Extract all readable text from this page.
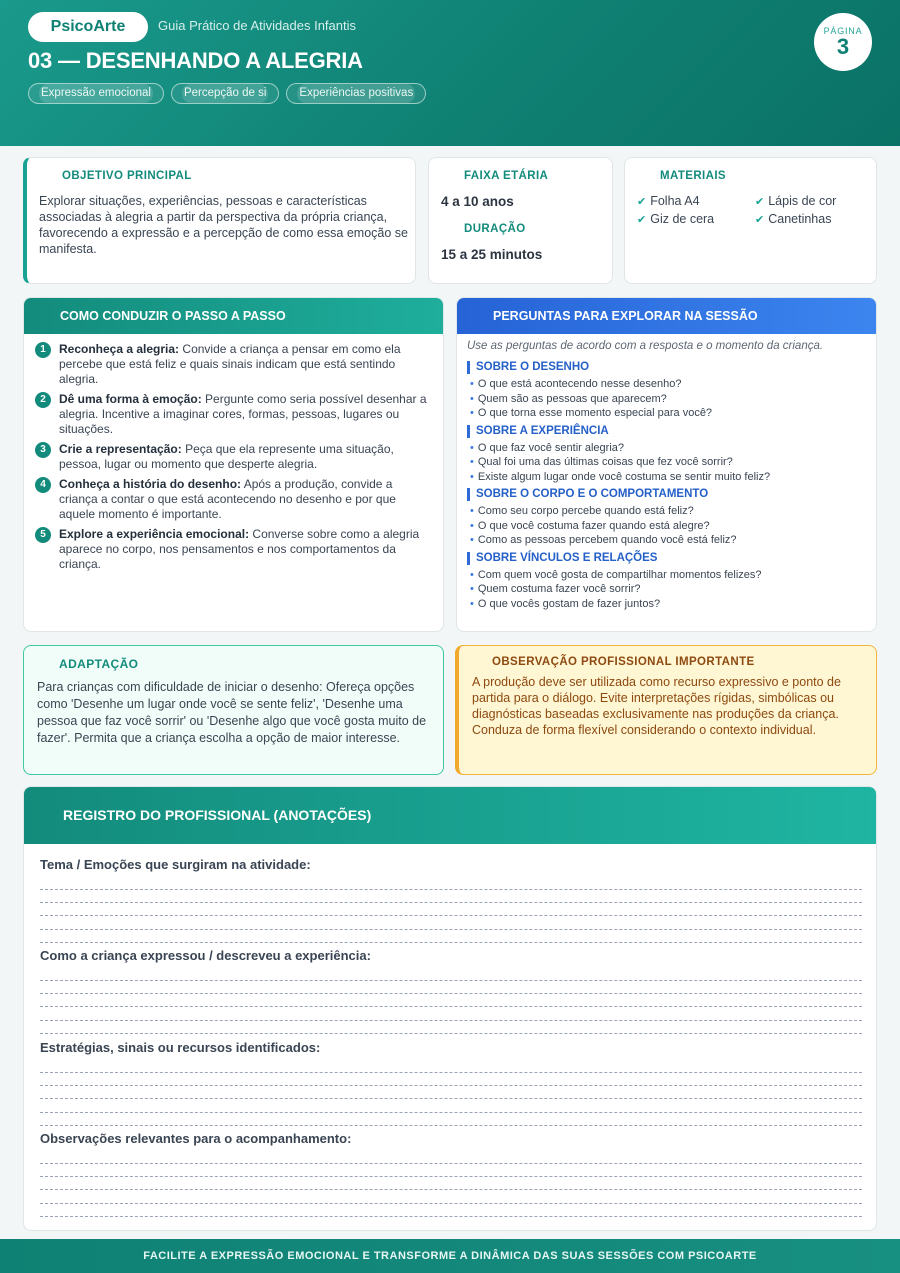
PsicoArte	Guia Prático de Atividades Infantis
03 — DESENHANDO A ALEGRIA
Expressão emocional	Percepção de si	Experiências positivas
PÁGINA
3
OBJETIVO PRINCIPAL
Explorar situações, experiências, pessoas e características associadas à alegria a partir da perspectiva da própria criança, favorecendo a expressão e a percepção de como essa emoção se manifesta.
FAIXA ETÁRIA
4 a 10 anos
DURAÇÃO
15 a 25 minutos
MATERIAIS
✔ Folha A4	✔ Lápis de cor
✔ Giz de cera	✔ Canetinhas
COMO CONDUZIR O PASSO A PASSO
1	Reconheça a alegria: Convide a criança a pensar em como ela percebe que está feliz e quais sinais indicam que está sentindo alegria.
2	Dê uma forma à emoção: Pergunte como seria possível desenhar a alegria. Incentive a imaginar cores, formas, pessoas, lugares ou situações.
3	Crie a representação: Peça que ela represente uma situação, pessoa, lugar ou momento que desperte alegria.
4	Conheça a história do desenho: Após a produção, convide a criança a contar o que está acontecendo no desenho e por que aquele momento é importante.
5	Explore a experiência emocional: Converse sobre como a alegria aparece no corpo, nos pensamentos e nos comportamentos da criança.
PERGUNTAS PARA EXPLORAR NA SESSÃO
Use as perguntas de acordo com a resposta e o momento da criança.
SOBRE O DESENHO
• O que está acontecendo nesse desenho?
• Quem são as pessoas que aparecem?
• O que torna esse momento especial para você?
SOBRE A EXPERIÊNCIA
• O que faz você sentir alegria?
• Qual foi uma das últimas coisas que fez você sorrir?
• Existe algum lugar onde você costuma se sentir muito feliz?
SOBRE O CORPO E O COMPORTAMENTO
• Como seu corpo percebe quando está feliz?
• O que você costuma fazer quando está alegre?
• Como as pessoas percebem quando você está feliz?
SOBRE VÍNCULOS E RELAÇÕES
• Com quem você gosta de compartilhar momentos felizes?
• Quem costuma fazer você sorrir?
• O que vocês gostam de fazer juntos?
ADAPTAÇÃO
Para crianças com dificuldade de iniciar o desenho: Ofereça opções como 'Desenhe um lugar onde você se sente feliz', 'Desenhe uma pessoa que faz você sorrir' ou 'Desenhe algo que você gosta muito de fazer'. Permita que a criança escolha a opção de maior interesse.
OBSERVAÇÃO PROFISSIONAL IMPORTANTE
A produção deve ser utilizada como recurso expressivo e ponto de partida para o diálogo. Evite interpretações rígidas, simbólicas ou diagnósticas baseadas exclusivamente nas produções da criança. Conduza de forma flexível considerando o contexto individual.
REGISTRO DO PROFISSIONAL (ANOTAÇÕES)
Tema / Emoções que surgiram na atividade:
Como a criança expressou / descreveu a experiência:
Estratégias, sinais ou recursos identificados:
Observações relevantes para o acompanhamento:
FACILITE A EXPRESSÃO EMOCIONAL E TRANSFORME A DINÂMICA DAS SUAS SESSÕES COM PSICOARTE
